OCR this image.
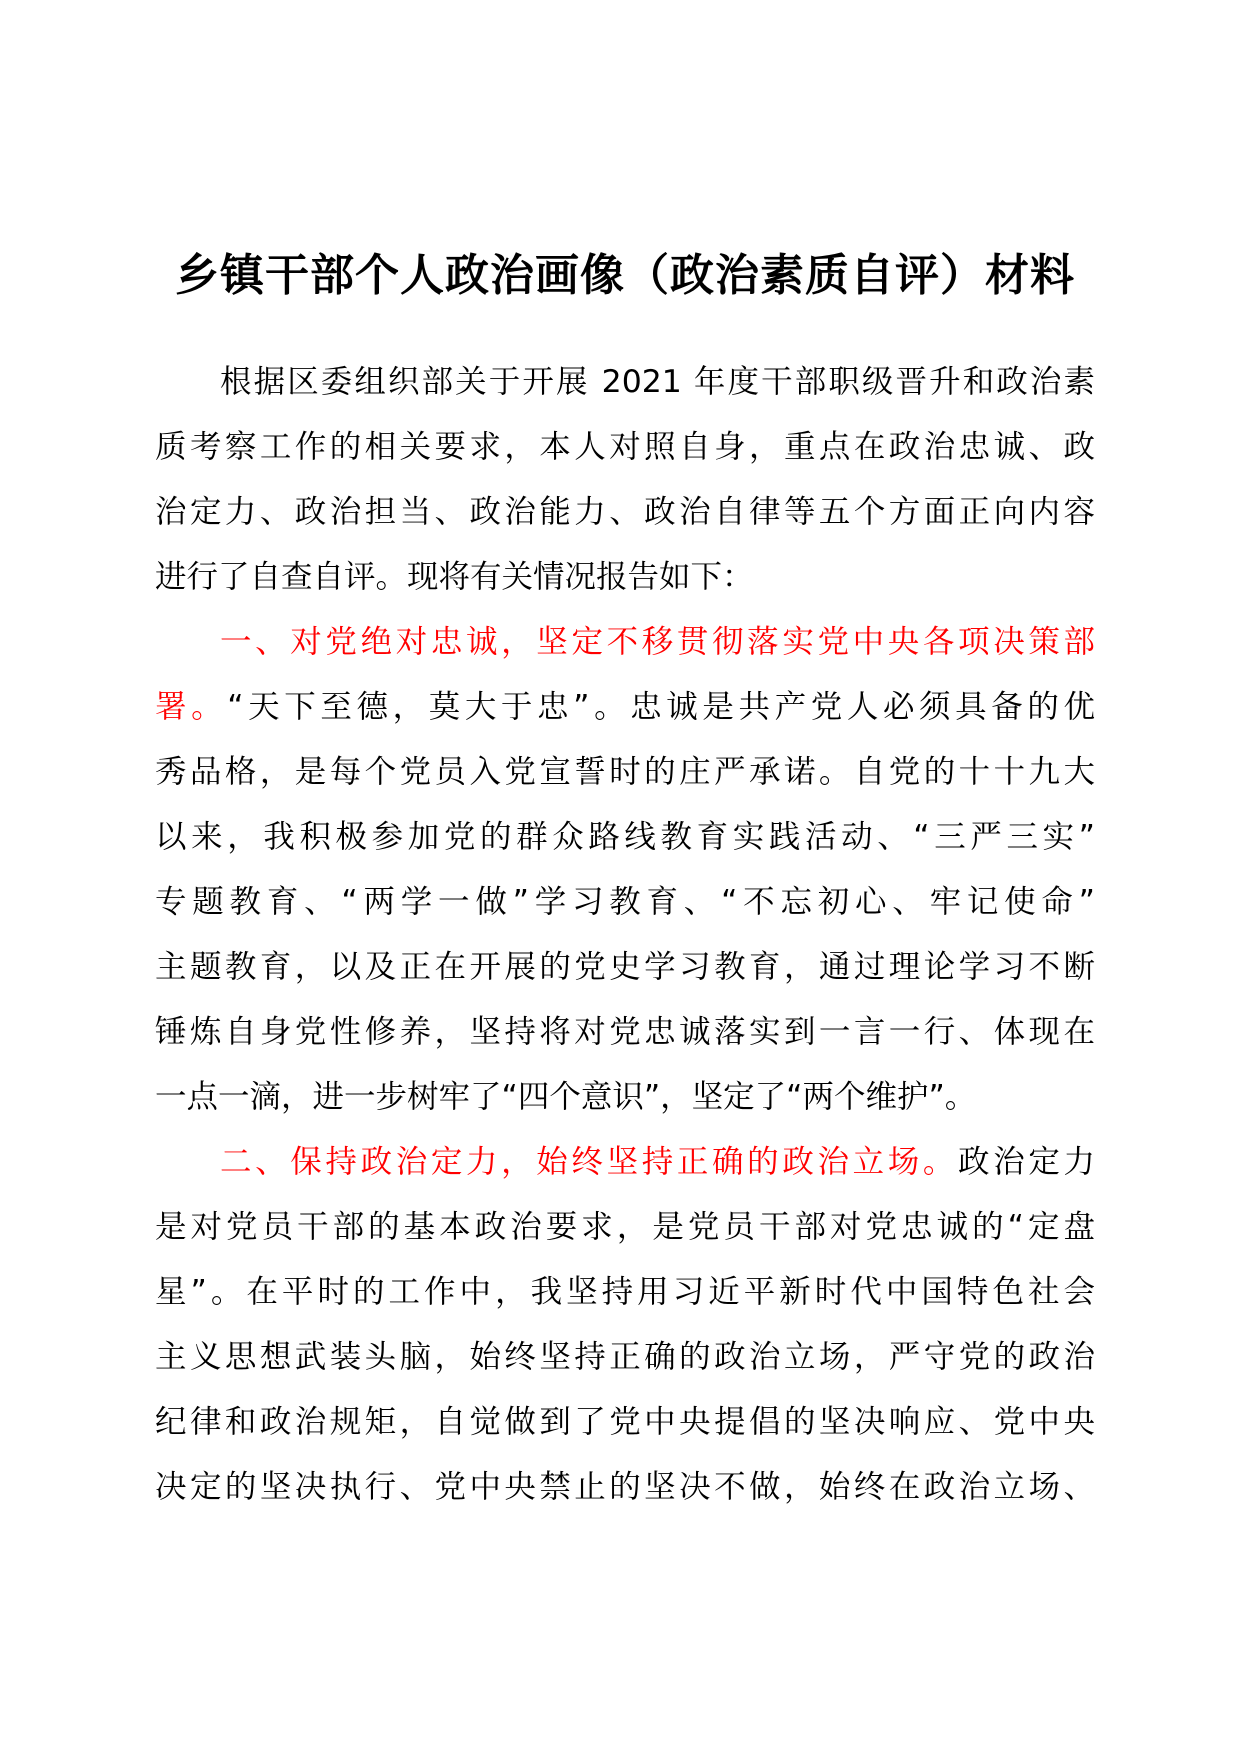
乡镇干部个人政治画像（政治素质自评）材料
根据区委组织部关于开展 2021 年度干部职级晋升和政治素
质考察工作的相关要求，本人对照自身，重点在政治忠诚、政
治定力、政治担当、政治能力、政治自律等五个方面正向内容
进行了自查自评。现将有关情况报告如下：
一、对党绝对忠诚，坚定不移贯彻落实党中央各项决策部
署。“天下至德，莫大于忠”。忠诚是共产党人必须具备的优
秀品格，是每个党员入党宣誓时的庄严承诺。自党的十十九大
以来，我积极参加党的群众路线教育实践活动、“三严三实”
专题教育、“两学一做”学习教育、“不忘初心、牢记使命”
主题教育，以及正在开展的党史学习教育，通过理论学习不断
锤炼自身党性修养，坚持将对党忠诚落实到一言一行、体现在
一点一滴，进一步树牢了“四个意识”，坚定了“两个维护”。
二、保持政治定力，始终坚持正确的政治立场。政治定力
是对党员干部的基本政治要求，是党员干部对党忠诚的“定盘
星”。在平时的工作中，我坚持用习近平新时代中国特色社会
主义思想武装头脑，始终坚持正确的政治立场，严守党的政治
纪律和政治规矩，自觉做到了党中央提倡的坚决响应、党中央
决定的坚决执行、党中央禁止的坚决不做，始终在政治立场、
